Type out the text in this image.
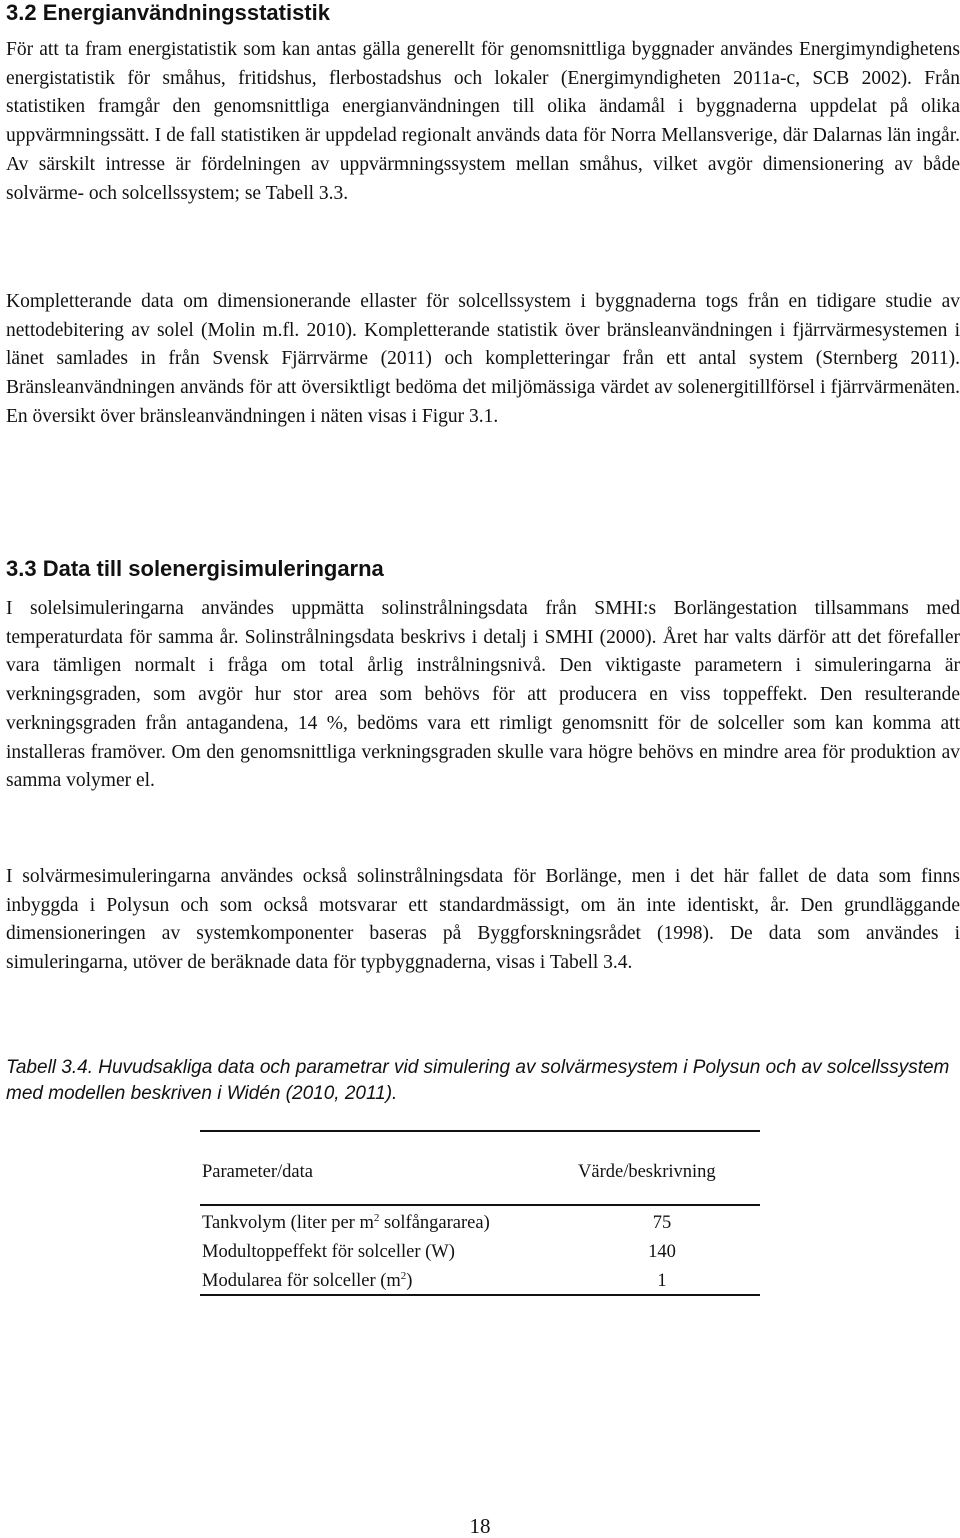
3.2 Energianvändningsstatistik

För att ta fram energistatistik som kan antas gälla generellt för genomsnittliga byggnader användes Energimyndighetens energistatistik för småhus, fritidshus, flerbostadshus och lokaler (Energimyndigheten 2011a-c, SCB 2002). Från statistiken framgår den genomsnittliga energianvändningen till olika ändamål i byggnaderna uppdelat på olika uppvärmningssätt. I de fall statistiken är uppdelad regionalt används data för Norra Mellansverige, där Dalarnas län ingår. Av särskilt intresse är fördelningen av uppvärmningssystem mellan småhus, vilket avgör dimensionering av både solvärme- och solcellssystem; se Tabell 3.3.

Kompletterande data om dimensionerande ellaster för solcellssystem i byggnaderna togs från en tidigare studie av nettodebitering av solel (Molin m.fl. 2010). Kompletterande statistik över bränsleanvändningen i fjärrvärmesystemen i länet samlades in från Svensk Fjärrvärme (2011) och kompletteringar från ett antal system (Sternberg 2011). Bränsleanvändningen används för att översiktligt bedöma det miljömässiga värdet av solenergitillförsel i fjärrvärmenäten. En översikt över bränsleanvändningen i näten visas i Figur 3.1.

3.3 Data till solenergisimuleringarna

I solelsimuleringarna användes uppmätta solinstrålningsdata från SMHI:s Borlängestation tillsammans med temperaturdata för samma år. Solinstrålningsdata beskrivs i detalj i SMHI (2000). Året har valts därför att det förefaller vara tämligen normalt i fråga om total årlig instrålningsnivå. Den viktigaste parametern i simuleringarna är verkningsgraden, som avgör hur stor area som behövs för att producera en viss toppeffekt. Den resulterande verkningsgraden från antagandena, 14 %, bedöms vara ett rimligt genomsnitt för de solceller som kan komma att installeras framöver. Om den genomsnittliga verkningsgraden skulle vara högre behövs en mindre area för produktion av samma volymer el.

I solvärmesimuleringarna användes också solinstrålningsdata för Borlänge, men i det här fallet de data som finns inbyggda i Polysun och som också motsvarar ett standardmässigt, om än inte identiskt, år. Den grundläggande dimensioneringen av systemkomponenter baseras på Byggforskningsrådet (1998). De data som användes i simuleringarna, utöver de beräknade data för typbyggnaderna, visas i Tabell 3.4.

Tabell 3.4. Huvudsakliga data och parametrar vid simulering av solvärmesystem i Polysun och av solcellssystem med modellen beskriven i Widén (2010, 2011).

Parameter/data	Värde/beskrivning
Tankvolym (liter per $m^2$ solfångararea)	75
Modultoppeffekt för solceller (W)	140
Modularea för solceller $(m^2)$	1
18
